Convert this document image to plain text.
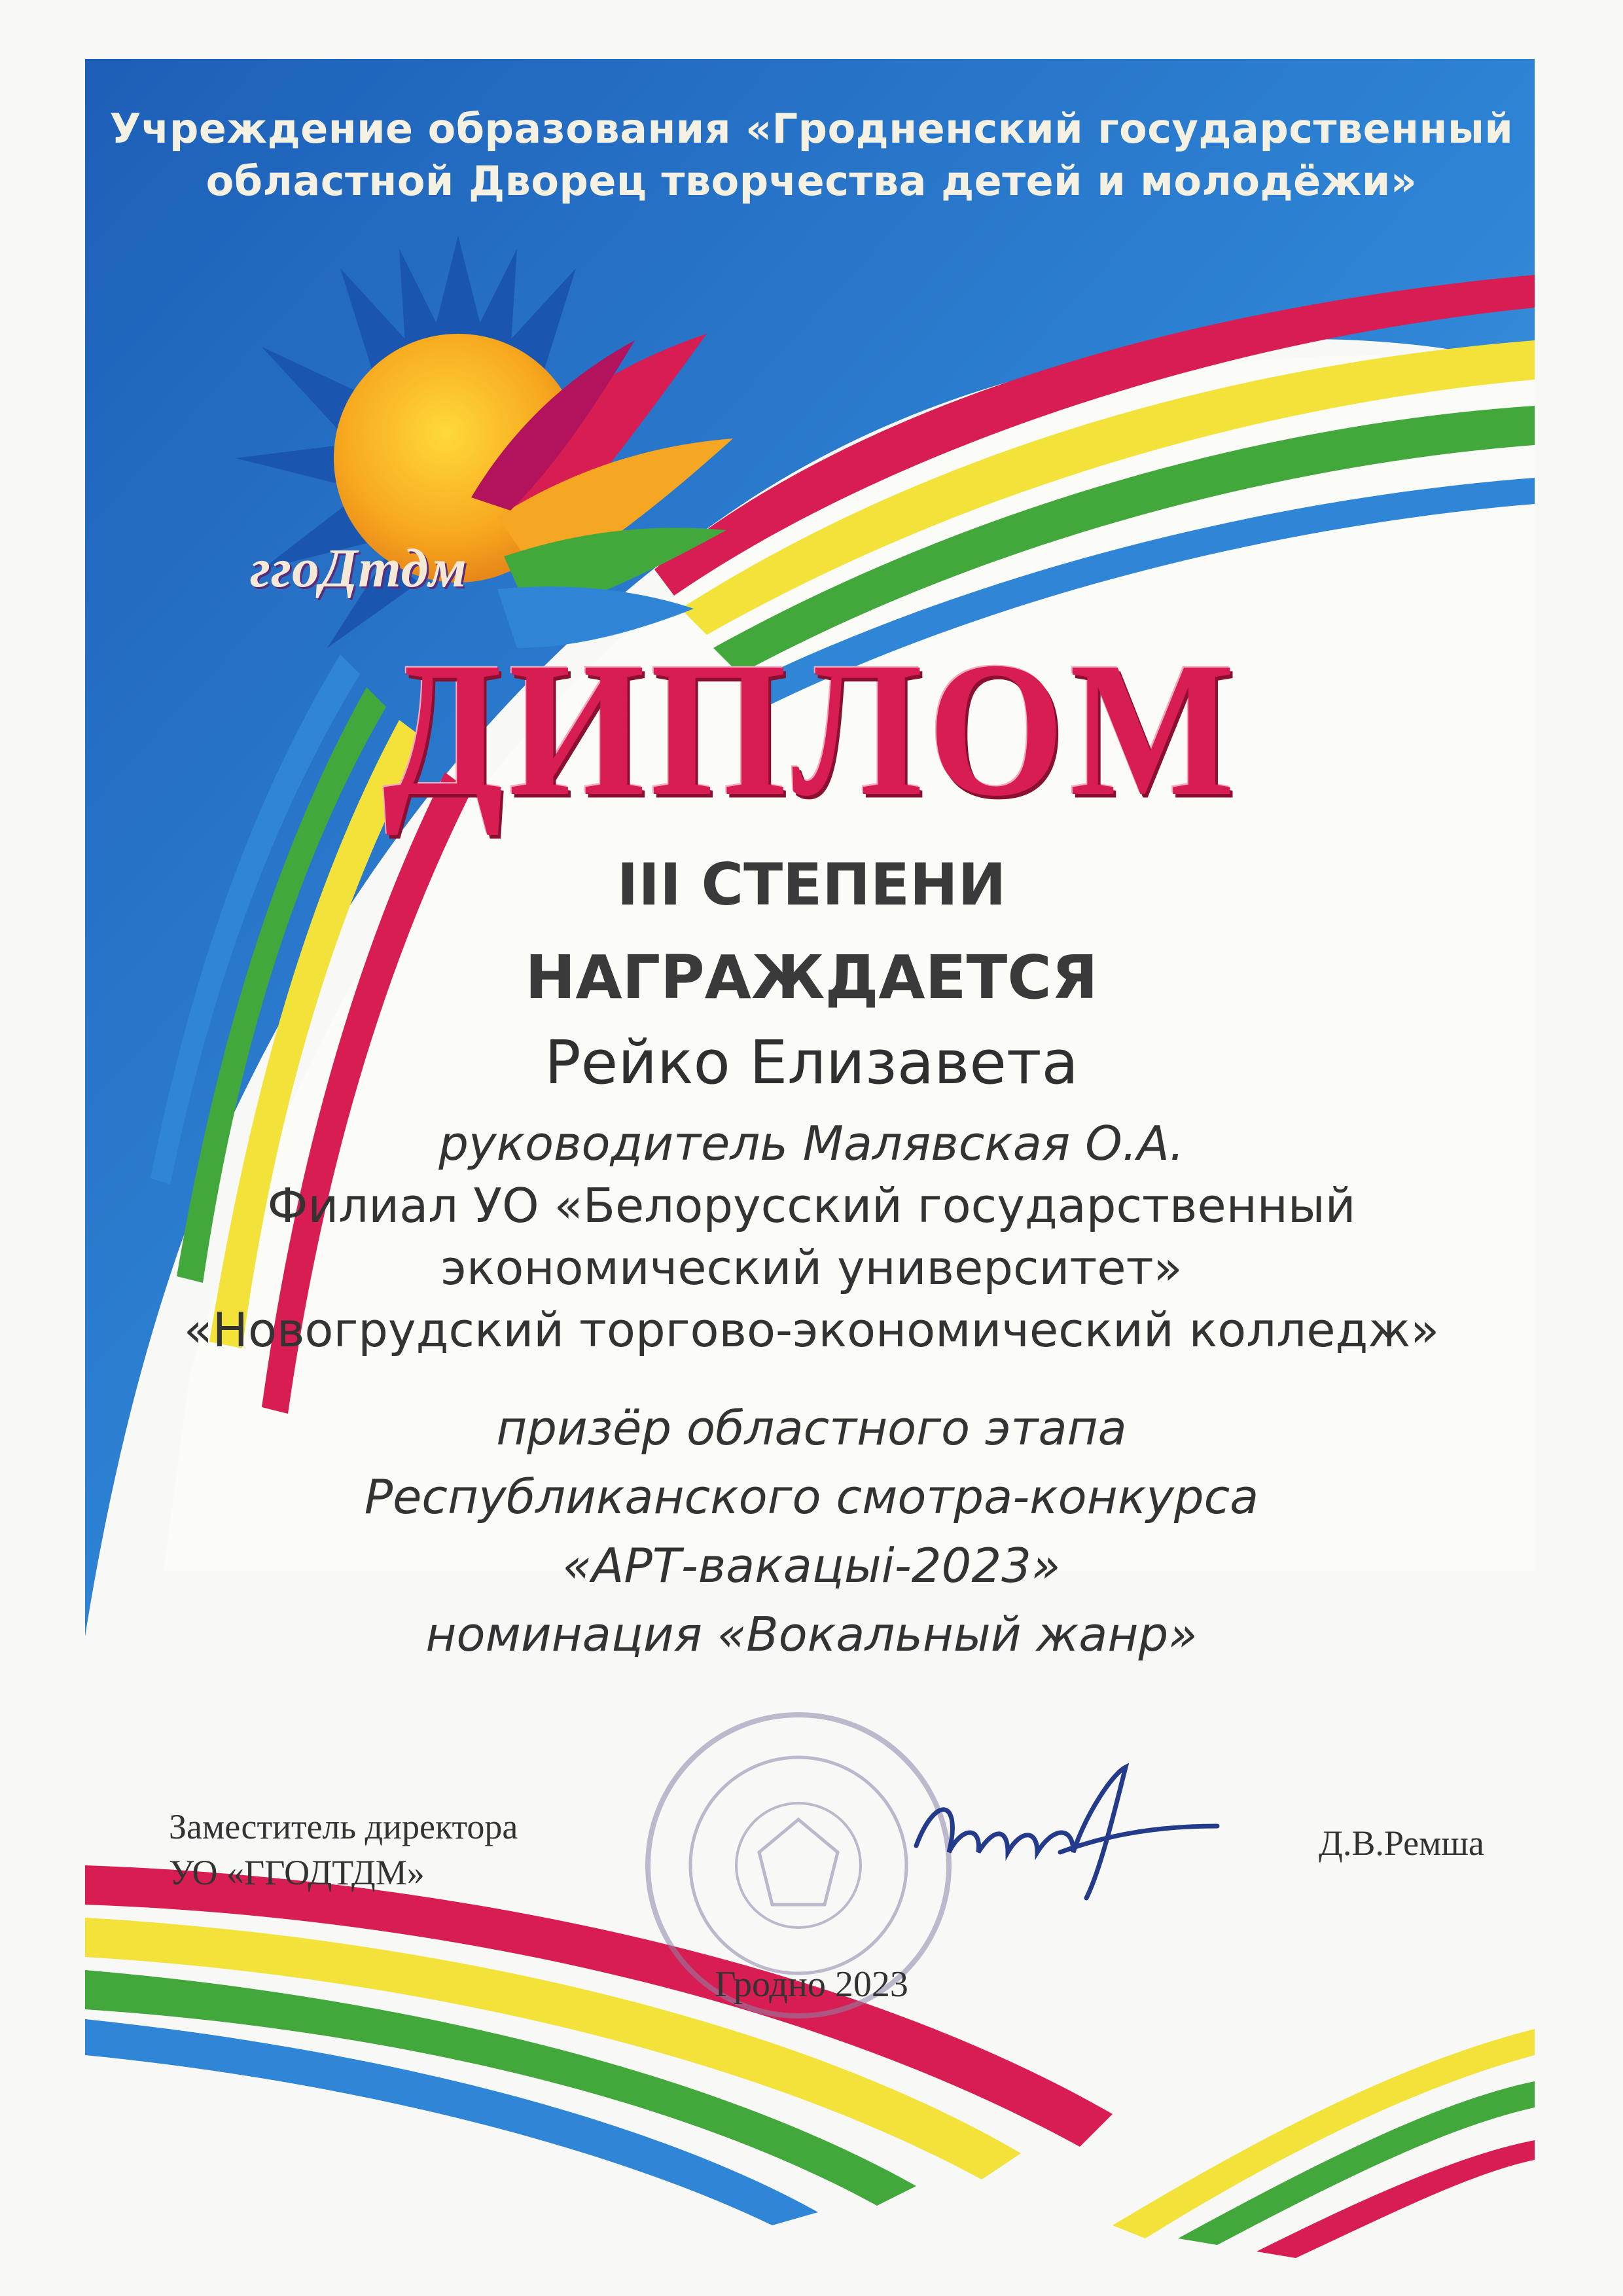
ггоДтдм

Учреждение образования «Гродненский государственный

областной Дворец творчества детей и молодёжи»

ДИПЛОМ

III СТЕПЕНИ

НАГРАЖДАЕТСЯ

Рейко Елизавета

руководитель Малявская О.А.

Филиал УО «Белорусский государственный

экономический университет»

«Новогрудский торгово-экономический колледж»

призёр областного этапа

Республиканского смотра-конкурса

«АРТ-вакацыі-2023»

номинация «Вокальный жанр»

Заместитель директора
УО «ГГОДТДМ»
Д.В.Ремша

Гродно 2023
